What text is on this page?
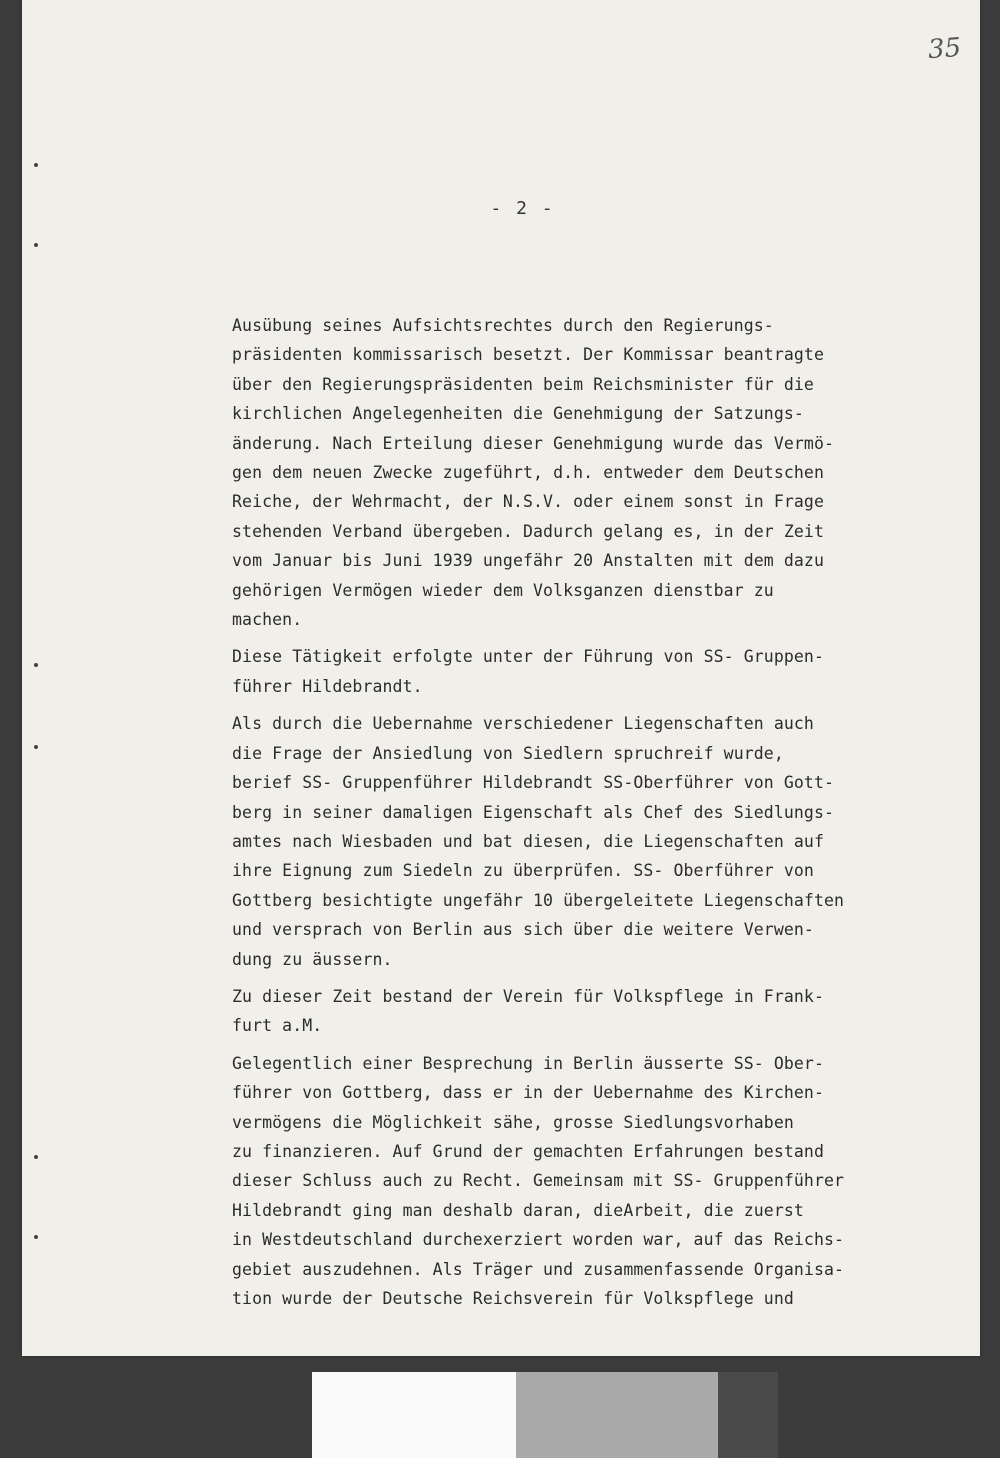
35
- 2 -
Ausübung seines Aufsichtsrechtes durch den Regierungs-
präsidenten kommissarisch besetzt. Der Kommissar beantragte
über den Regierungspräsidenten beim Reichsminister für die
kirchlichen Angelegenheiten die Genehmigung der Satzungs-
änderung. Nach Erteilung dieser Genehmigung wurde das Vermö-
gen dem neuen Zwecke zugeführt, d.h. entweder dem Deutschen
Reiche, der Wehrmacht, der N.S.V. oder einem sonst in Frage
stehenden Verband übergeben. Dadurch gelang es, in der Zeit
vom Januar bis Juni 1939 ungefähr 20 Anstalten mit dem dazu
gehörigen Vermögen wieder dem Volksganzen dienstbar zu
machen.
Diese Tätigkeit erfolgte unter der Führung von SS- Gruppen-
führer Hildebrandt.
Als durch die Uebernahme verschiedener Liegenschaften auch
die Frage der Ansiedlung von Siedlern spruchreif wurde,
berief SS- Gruppenführer Hildebrandt SS-Oberführer von Gott-
berg in seiner damaligen Eigenschaft als Chef des Siedlungs-
amtes nach Wiesbaden und bat diesen, die Liegenschaften auf
ihre Eignung zum Siedeln zu überprüfen. SS- Oberführer von
Gottberg besichtigte ungefähr 10 übergeleitete Liegenschaften
und versprach von Berlin aus sich über die weitere Verwen-
dung zu äussern.
Zu dieser Zeit bestand der Verein für Volkspflege in Frank-
furt a.M.
Gelegentlich einer Besprechung in Berlin äusserte SS- Ober-
führer von Gottberg, dass er in der Uebernahme des Kirchen-
vermögens die Möglichkeit sähe, grosse Siedlungsvorhaben
zu finanzieren. Auf Grund der gemachten Erfahrungen bestand
dieser Schluss auch zu Recht. Gemeinsam mit SS- Gruppenführer
Hildebrandt ging man deshalb daran, dieArbeit, die zuerst
in Westdeutschland durchexerziert worden war, auf das Reichs-
gebiet auszudehnen. Als Träger und zusammenfassende Organisa-
tion wurde der Deutsche Reichsverein für Volkspflege und
